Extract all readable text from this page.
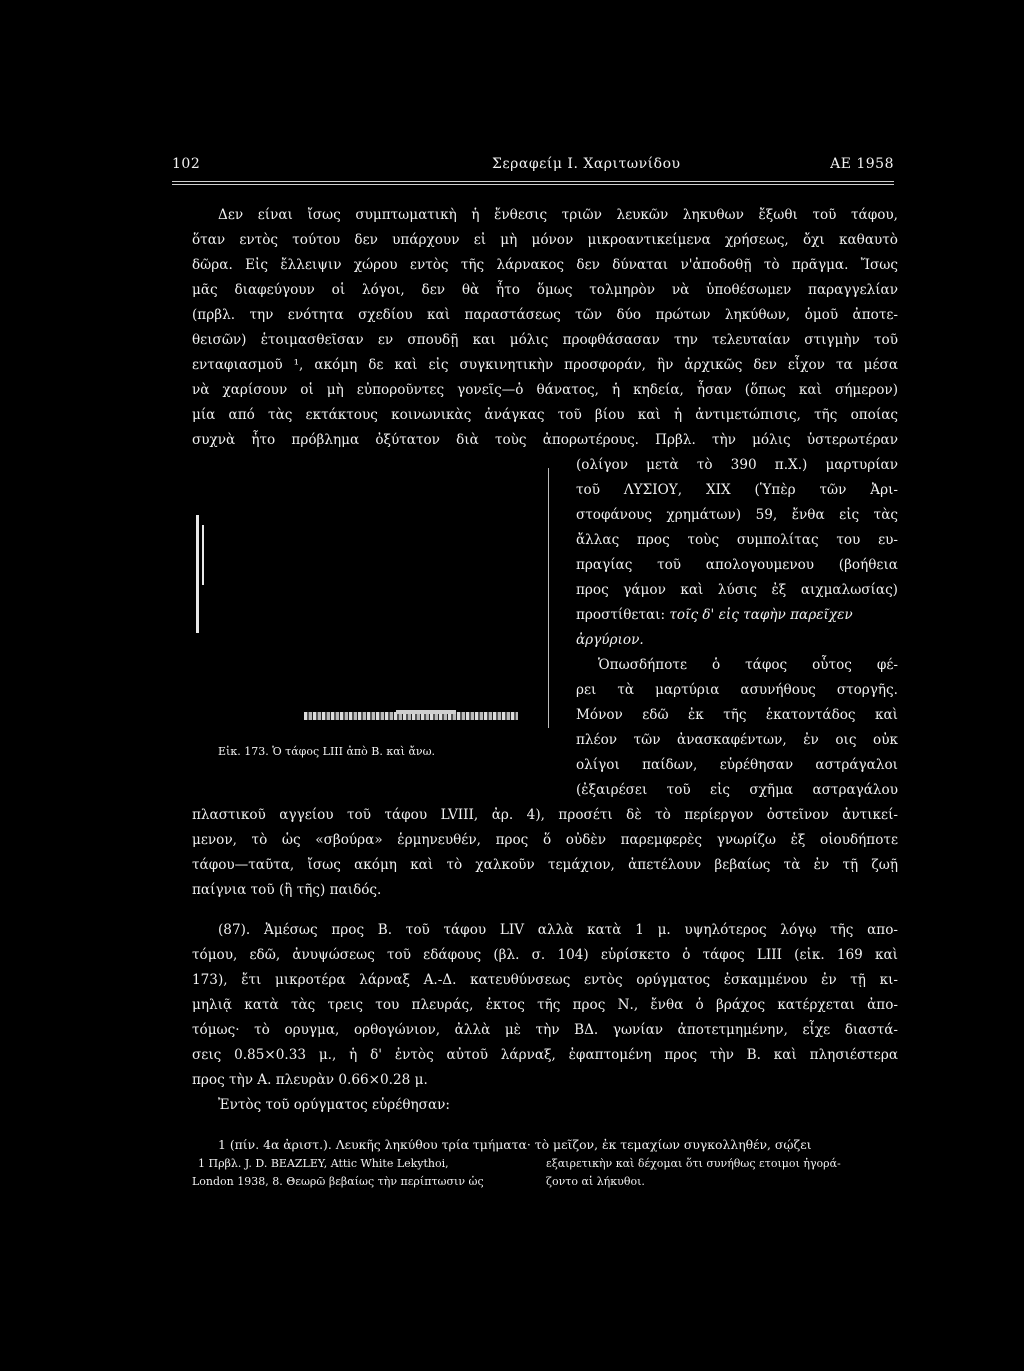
102	Σεραφείμ Ι. Χαριτωνίδου	ΑΕ 1958
Δεν είναι ἴσως συμπτωματικὴ ἡ ἔνθεσις τριῶν λευκῶν ληκυθων ἔξωθι τοῦ τάφου,
ὅταν εντὸς τούτου δεν υπάρχουν εἰ μὴ μόνον μικροαντικείμενα χρήσεως, ὄχι καθαυτὸ
δῶρα. Εἰς ἔλλειψιν χώρου εντὸς τῆς λάρνακος δεν δύναται ν'ἀποδοθῇ τὸ πρᾶγμα. Ἴσως
μᾶς διαφεύγουν οἱ λόγοι, δεν θὰ ἦτο ὅμως τολμηρὸν νὰ ὑποθέσωμεν παραγγελίαν
(πρβλ. την ενότητα σχεδίου καὶ παραστάσεως τῶν δύο πρώτων ληκύθων, ὁμοῦ ἀποτε-
θεισῶν) ἑτοιμασθεῖσαν εν σπουδῇ και μόλις προφθάσασαν την τελευταίαν στιγμὴν τοῦ
ενταφιασμοῦ ¹, ακόμη δε καὶ εἰς συγκινητικὴν προσφοράν, ἣν ἀρχικῶς δεν εἶχον τα μέσα
νὰ χαρίσουν οἱ μὴ εὐποροῦντες γονεῖς—ὁ θάνατος, ἡ κηδεία, ἦσαν (ὅπως καὶ σήμερον)
μία από τὰς εκτάκτους κοινωνικὰς ἀνάγκας τοῦ βίου καὶ ἡ ἀντιμετώπισις, τῆς οποίας
συχνὰ ἦτο πρόβλημα ὀξύτατον διὰ τοὺς ἀπορωτέρους. Πρβλ. τὴν μόλις ὑστερωτέραν
Εἰκ. 173. Ὁ τάφος LIII ἀπὸ Β. καὶ ἄνω.
(ολίγον μετὰ τὸ 390 π.Χ.) μαρτυρίαν
τοῦ ΛΥΣΙΟΥ, XIX (Ὑπὲρ τῶν Ἀρι-
στοφάνους χρημάτων) 59, ἔνθα εἰς τὰς
ἄλλας προς τοὺς συμπολίτας του ευ-
πραγίας τοῦ απολογουμενου (βοήθεια
προς γάμον καὶ λύσις ἐξ αιχμαλωσίας)
προστίθεται: τοῖς δ' εἰς ταφὴν παρεῖχεν
ἀργύριον.
Ὁπωσδήποτε ὁ τάφος οὗτος φέ-
ρει τὰ μαρτύρια ασυνήθους στοργῆς.
Μόνον εδῶ ἐκ τῆς ἑκατοντάδος καὶ
πλέον τῶν ἀνασκαφέντων, ἐν οις οὐκ
ολίγοι παίδων, εὑρέθησαν αστράγαλοι
(ἐξαιρέσει τοῦ εἰς σχῆμα αστραγάλου
πλαστικοῦ αγγείου τοῦ τάφου LVIII, ἀρ. 4), προσέτι δὲ τὸ περίεργον ὀστεῖνον ἀντικεί-
μενον, τὸ ὡς «σβούρα» ἑρμηνευθέν, προς ὅ οὐδὲν παρεμφερὲς γνωρίζω ἐξ οἱουδήποτε
τάφου—ταῦτα, ἴσως ακόμη καὶ τὸ χαλκοῦν τεμάχιον, ἀπετέλουν βεβαίως τὰ ἐν τῇ ζωῇ
παίγνια τοῦ (ἢ τῆς) παιδός.
(87). Ἀμέσως προς Β. τοῦ τάφου LIV αλλὰ κατὰ 1 μ. υψηλότερος λόγῳ τῆς απο-
τόμου, εδῶ, ἀνυψώσεως τοῦ εδάφους (βλ. σ. 104) εὑρίσκετο ὁ τάφος LIII (εἰκ. 169 καὶ
173), ἔτι μικροτέρα λάρναξ Α.-Δ. κατευθύνσεως εντὸς ορύγματος ἐσκαμμένου ἐν τῇ κι-
μηλιᾷ κατὰ τὰς τρεις του πλευράς, ἐκτος τῆς προς Ν., ἔνθα ὁ βράχος κατέρχεται ἀπο-
τόμως· τὸ ορυγμα, ορθογώνιον, ἀλλὰ μὲ τὴν ΒΔ. γωνίαν ἀποτετμημένην, εἶχε διαστά-
σεις 0.85×0.33 μ., ἡ δ' ἐντὸς αὐτοῦ λάρναξ, ἐφαπτομένη προς τὴν Β. καὶ πλησιέστερα
προς τὴν Α. πλευρὰν 0.66×0.28 μ.
Ἐντὸς τοῦ ορύγματος εὑρέθησαν:
1 (πίν. 4α ἀριστ.). Λευκῆς ληκύθου τρία τμήματα· τὸ μεῖζον, ἐκ τεμαχίων συγκολληθέν, σῴζει
1 Πρβλ. J. D. BEAZLEY, Attic White Lekythoi,
London 1938, 8. Θεωρῶ βεβαίως τὴν περίπτωσιν ὡς
εξαιρετικὴν καὶ δέχομαι ὅτι συνήθως ετοιμοι ἠγορά-
ζοντο αἱ λήκυθοι.
